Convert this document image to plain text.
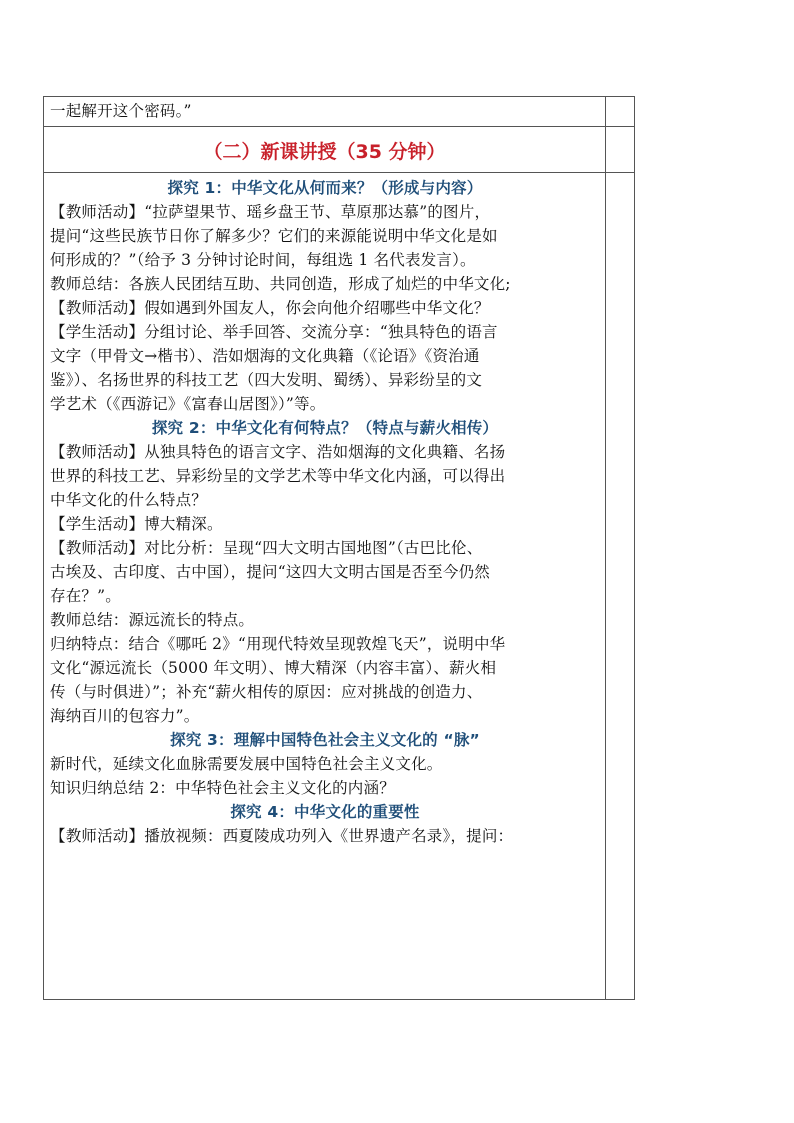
一起解开这个密码。”
（二）新课讲授（35 分钟）
探究 1：中华文化从何而来？（形成与内容）
【教师活动】“拉萨望果节、瑶乡盘王节、草原那达慕”的图片，
提问“这些民族节日你了解多少？它们的来源能说明中华文化是如
何形成的？”（给予 3 分钟讨论时间，每组选 1 名代表发言）。
教师总结：各族人民团结互助、共同创造，形成了灿烂的中华文化;
【教师活动】假如遇到外国友人，你会向他介绍哪些中华文化？
【学生活动】分组讨论、举手回答、交流分享：“独具特色的语言
文字（甲骨文→楷书）、浩如烟海的文化典籍（《论语》《资治通
鉴》）、名扬世界的科技工艺（四大发明、蜀绣）、异彩纷呈的文
学艺术（《西游记》《富春山居图》）”等。
探究 2：中华文化有何特点？（特点与薪火相传）
【教师活动】从独具特色的语言文字、浩如烟海的文化典籍、名扬
世界的科技工艺、异彩纷呈的文学艺术等中华文化内涵，可以得出
中华文化的什么特点？
【学生活动】博大精深。
【教师活动】对比分析：呈现“四大文明古国地图”（古巴比伦、
古埃及、古印度、古中国），提问“这四大文明古国是否至今仍然
存在？”。
教师总结：源远流长的特点。
归纳特点：结合《哪吒 2》“用现代特效呈现敦煌飞天”，说明中华
文化“源远流长（5000 年文明）、博大精深（内容丰富）、薪火相
传（与时俱进）”；补充“薪火相传的原因：应对挑战的创造力、
海纳百川的包容力”。
探究 3：理解中国特色社会主义文化的 “脉”
新时代，延续文化血脉需要发展中国特色社会主义文化。
知识归纳总结 2：中华特色社会主义文化的内涵？
探究 4：中华文化的重要性
【教师活动】播放视频：西夏陵成功列入《世界遗产名录》，提问：
